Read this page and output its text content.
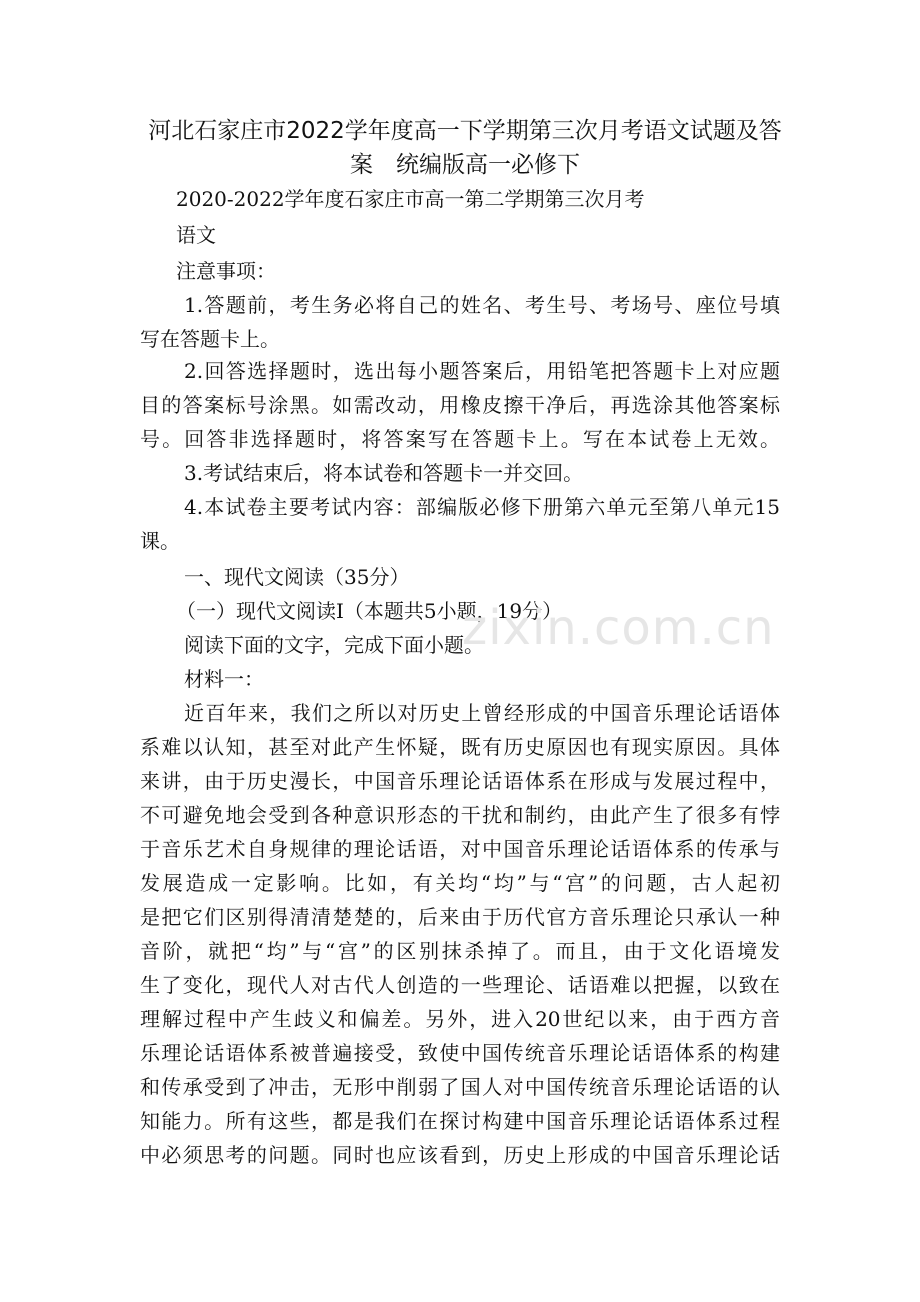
河北石家庄市2022学年度高一下学期第三次月考语文试题及答
案　统编版高一必修下
2020-2022学年度石家庄市高一第二学期第三次月考
语文
注意事项：
1.答题前，考生务必将自己的姓名、考生号、考场号、座位号填
写在答题卡上。
2.回答选择题时，选出每小题答案后，用铅笔把答题卡上对应题
目的答案标号涂黑。如需改动，用橡皮擦干净后，再选涂其他答案标
号。回答非选择题时，将答案写在答题卡上。写在本试卷上无效。
3.考试结束后，将本试卷和答题卡一并交回。
4.本试卷主要考试内容：部编版必修下册第六单元至第八单元15
课。
一、现代文阅读（35分）
（一）现代文阅读Ⅰ（本题共5小题，19分）
阅读下面的文字，完成下面小题。
材料一：
近百年来，我们之所以对历史上曾经形成的中国音乐理论话语体
系难以认知，甚至对此产生怀疑，既有历史原因也有现实原因。具体
来讲，由于历史漫长，中国音乐理论话语体系在形成与发展过程中，
不可避免地会受到各种意识形态的干扰和制约，由此产生了很多有悖
于音乐艺术自身规律的理论话语，对中国音乐理论话语体系的传承与
发展造成一定影响。比如，有关均“均”与“宫”的问题，古人起初
是把它们区别得清清楚楚的，后来由于历代官方音乐理论只承认一种
音阶，就把“均”与“宫”的区别抹杀掉了。而且，由于文化语境发
生了变化，现代人对古代人创造的一些理论、话语难以把握，以致在
理解过程中产生歧义和偏差。另外，进入20世纪以来，由于西方音
乐理论话语体系被普遍接受，致使中国传统音乐理论话语体系的构建
和传承受到了冲击，无形中削弱了国人对中国传统音乐理论话语的认
知能力。所有这些，都是我们在探讨构建中国音乐理论话语体系过程
中必须思考的问题。同时也应该看到，历史上形成的中国音乐理论话
zixin.com.cn
